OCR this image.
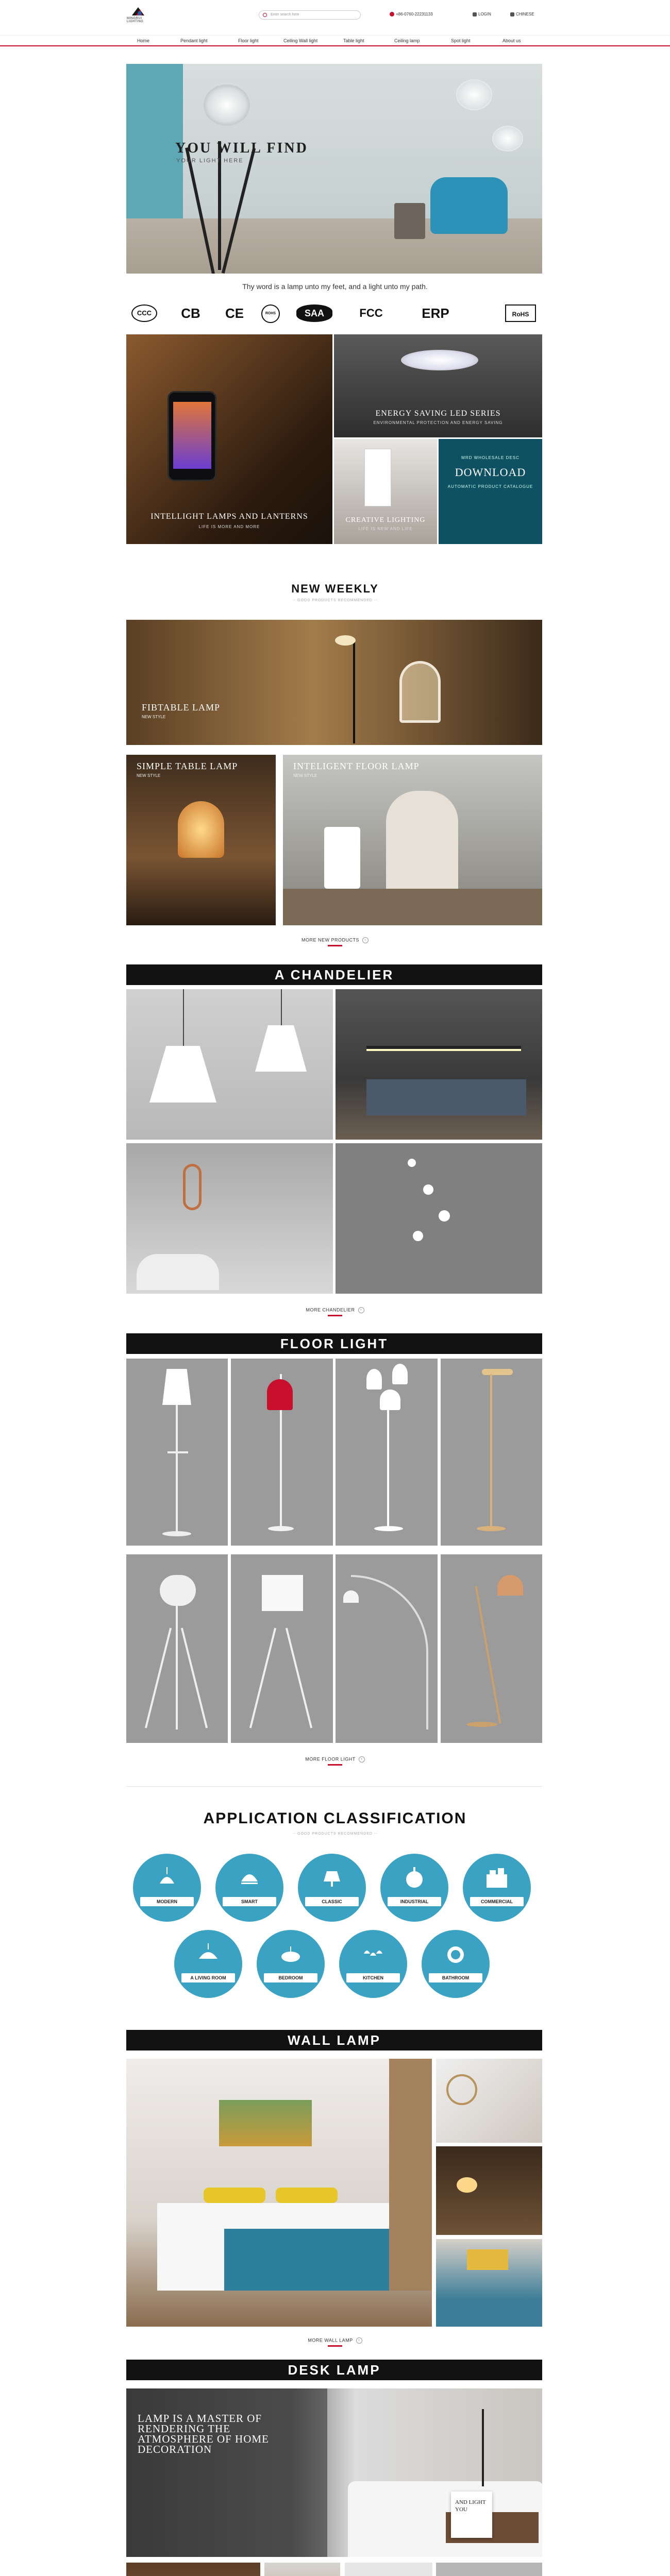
MINGRUI LIGHTING
Enter search here	+86-0760-22231133	LOGIN	CHINESE
Home	Pendant light	Floor light	Ceiling Wall light	Table light	Ceiling lamp	Spot light	About us
YOU WILL FIND
YOUR LIGHT HERE
Thy word is a lamp unto my feet, and a light unto my path.
CCC	CB	CE	ROHS	SAA	FCC	ERP	RoHS
INTELLIGHT LAMPS AND LANTERNS
LIFE IS MORE AND MORE
ENERGY SAVING LED SERIES
ENVIRONMENTAL PROTECTION AND ENERGY SAVING
CREATIVE LIGHTING
LIFE IS NEW AND LIFE
MRD WHOLESALE DESC
DOWNLOAD
AUTOMATIC PRODUCT CATALOGUE
NEW WEEKLY
-- GOOD PRODUCTS RECOMMENDED --
FIBTABLE LAMP
NEW STYLE
SIMPLE TABLE LAMP
NEW STYLE
INTELIGENT FLOOR LAMP
NEW STYLE
MORE NEW PRODUCTS ›
A CHANDELIER
MORE CHANDELIER ›
FLOOR LIGHT
MORE FLOOR LIGHT ›
APPLICATION CLASSIFICATION
-- GOOD PRODUCTS RECOMMENDED --
MODERN	SMART	CLASSIC	INDUSTRIAL	COMMERCIAL
A LIVING ROOM	BEDROOM	KITCHEN	BATHROOM
WALL LAMP
MORE WALL LAMP ›
DESK LAMP
LAMP IS A MASTER OF RENDERING THE ATMOSPHERE OF HOME DECORATION
AND LIGHT YOU
